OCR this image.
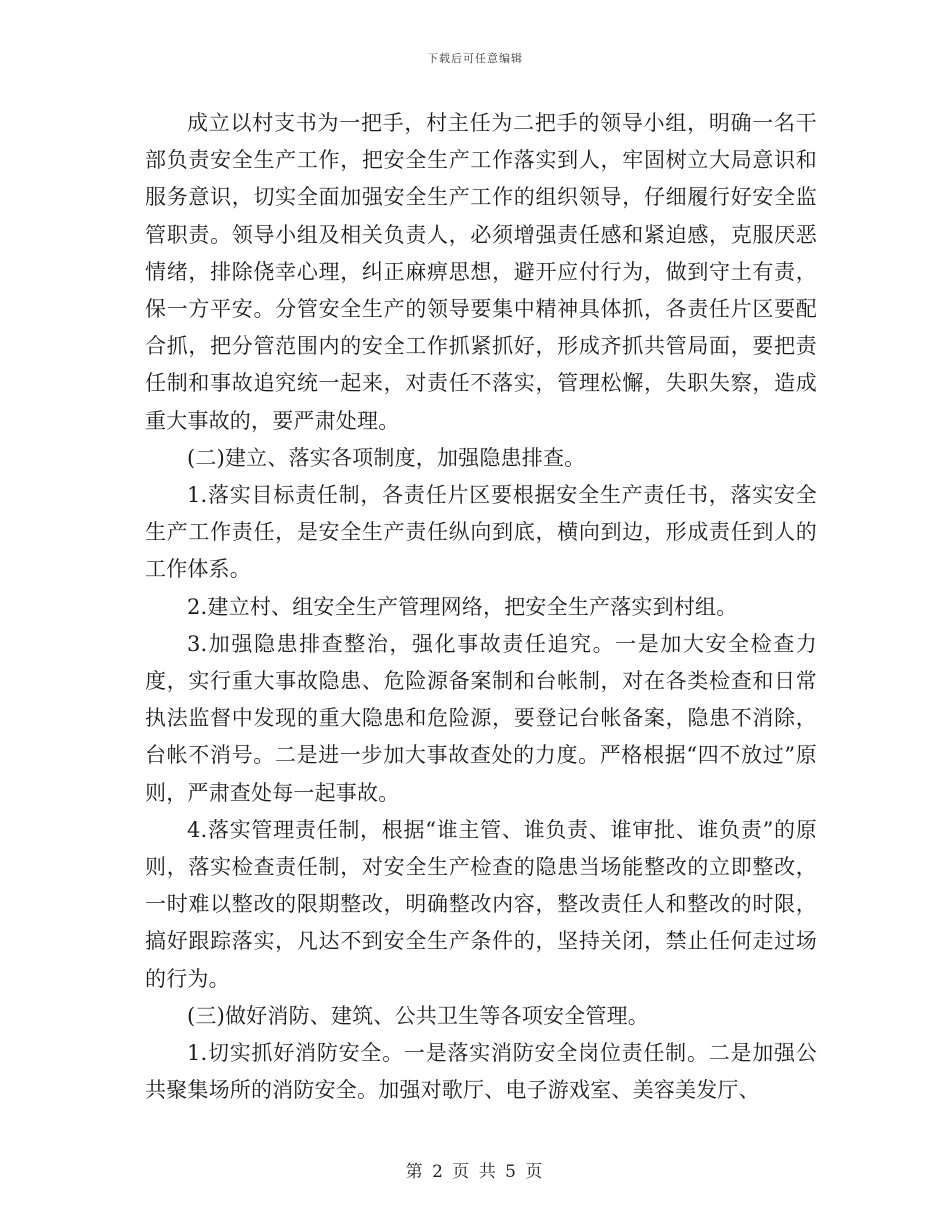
下载后可任意编辑

成立以村支书为一把手，村主任为二把手的领导小组，明确一名干部负责安全生产工作，把安全生产工作落实到人，牢固树立大局意识和服务意识，切实全面加强安全生产工作的组织领导，仔细履行好安全监管职责。领导小组及相关负责人，必须增强责任感和紧迫感，克服厌恶情绪，排除侥幸心理，纠正麻痹思想，避开应付行为，做到守土有责，保一方平安。分管安全生产的领导要集中精神具体抓，各责任片区要配合抓，把分管范围内的安全工作抓紧抓好，形成齐抓共管局面，要把责任制和事故追究统一起来，对责任不落实，管理松懈，失职失察，造成重大事故的，要严肃处理。

(二)建立、落实各项制度，加强隐患排查。

1.落实目标责任制，各责任片区要根据安全生产责任书，落实安全生产工作责任，是安全生产责任纵向到底，横向到边，形成责任到人的工作体系。

2.建立村、组安全生产管理网络，把安全生产落实到村组。

3.加强隐患排查整治，强化事故责任追究。一是加大安全检查力度，实行重大事故隐患、危险源备案制和台帐制，对在各类检查和日常执法监督中发现的重大隐患和危险源，要登记台帐备案，隐患不消除，台帐不消号。二是进一步加大事故查处的力度。严格根据“四不放过”原则，严肃查处每一起事故。

4.落实管理责任制，根据“谁主管、谁负责、谁审批、谁负责”的原则，落实检查责任制，对安全生产检查的隐患当场能整改的立即整改，一时难以整改的限期整改，明确整改内容，整改责任人和整改的时限，搞好跟踪落实，凡达不到安全生产条件的，坚持关闭，禁止任何走过场的行为。

(三)做好消防、建筑、公共卫生等各项安全管理。

1.切实抓好消防安全。一是落实消防安全岗位责任制。二是加强公共聚集场所的消防安全。加强对歌厅、电子游戏室、美容美发厅、

第 2 页 共 5 页
